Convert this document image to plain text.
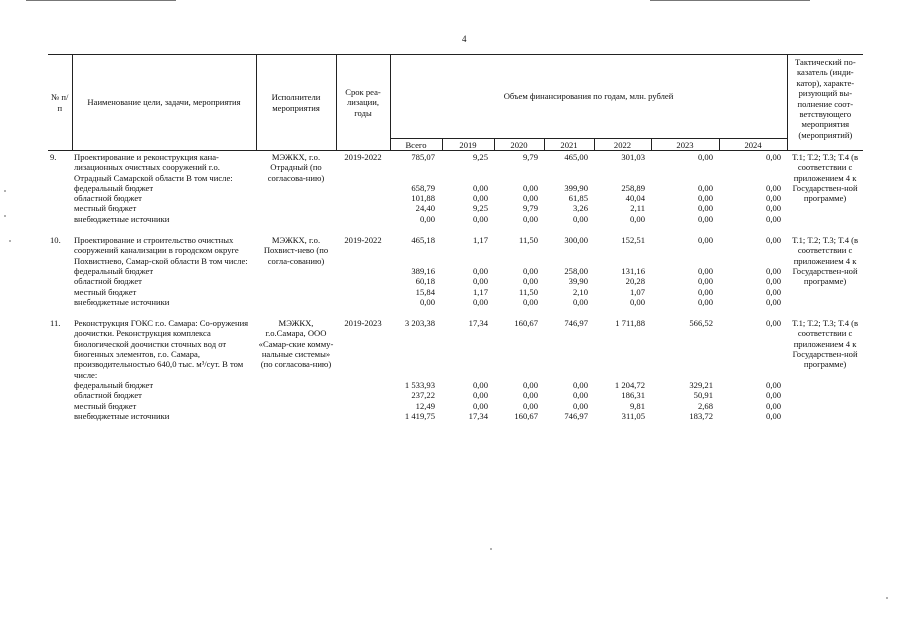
4
№ п/п	Наименование цели, задачи, мероприятия	Исполнители мероприятия	Срок реа-лизации, годы	Объем финансирования по годам, млн. рублей							Тактический по-казатель (инди-катор), характе-ризующий вы-полнение соот-ветствующего мероприятия (мероприятий)
				Всего	2019	2020	2021	2022	2023	2024	
9.	Проектирование и реконструкция кана-лизационных очистных сооружений г.о. Отрадный Самарской области В том числе:	МЭЖКХ, г.о. Отрадный (по согласова-нию)	2019-2022	785,07	9,25	9,79	465,00	301,03	0,00	0,00	Т.1; Т.2; Т.3; Т.4 (в соответствии с приложением 4 к Государствен-ной программе)
	федеральный бюджет			658,79	0,00	0,00	399,90	258,89	0,00	0,00	
	областной бюджет			101,88	0,00	0,00	61,85	40,04	0,00	0,00	
	местный бюджет			24,40	9,25	9,79	3,26	2,11	0,00	0,00	
	внебюджетные источники			0,00	0,00	0,00	0,00	0,00	0,00	0,00	

10.	Проектирование и строительство очистных сооружений канализации в городском округе Похвистнево, Самар-ской области В том числе:	МЭЖКХ, г.о. Похвист-нево (по согла-сованию)	2019-2022	465,18	1,17	11,50	300,00	152,51	0,00	0,00	Т.1; Т.2; Т.3; Т.4 (в соответствии с приложением 4 к Государствен-ной программе)
	федеральный бюджет			389,16	0,00	0,00	258,00	131,16	0,00	0,00	
	областной бюджет			60,18	0,00	0,00	39,90	20,28	0,00	0,00	
	местный бюджет			15,84	1,17	11,50	2,10	1,07	0,00	0,00	
	внебюджетные источники			0,00	0,00	0,00	0,00	0,00	0,00	0,00	

11.	Реконструкция ГОКС г.о. Самара: Со-оружения доочистки. Реконструкция комплекса биологической доочистки сточных вод от биогенных элементов, г.о. Самара, производительностью 640,0 тыс. м³/сут. В том числе:	МЭЖКХ, г.о.Самара, ООО «Самар-ские комму-нальные системы» (по согласова-нию)	2019-2023	3 203,38	17,34	160,67	746,97	1 711,88	566,52	0,00	Т.1; Т.2; Т.3; Т.4 (в соответствии с приложением 4 к Государствен-ной программе)
	федеральный бюджет			1 533,93	0,00	0,00	0,00	1 204,72	329,21	0,00	
	областной бюджет			237,22	0,00	0,00	0,00	186,31	50,91	0,00	
	местный бюджет			12,49	0,00	0,00	0,00	9,81	2,68	0,00	
	внебюджетные источники			1 419,75	17,34	160,67	746,97	311,05	183,72	0,00	
